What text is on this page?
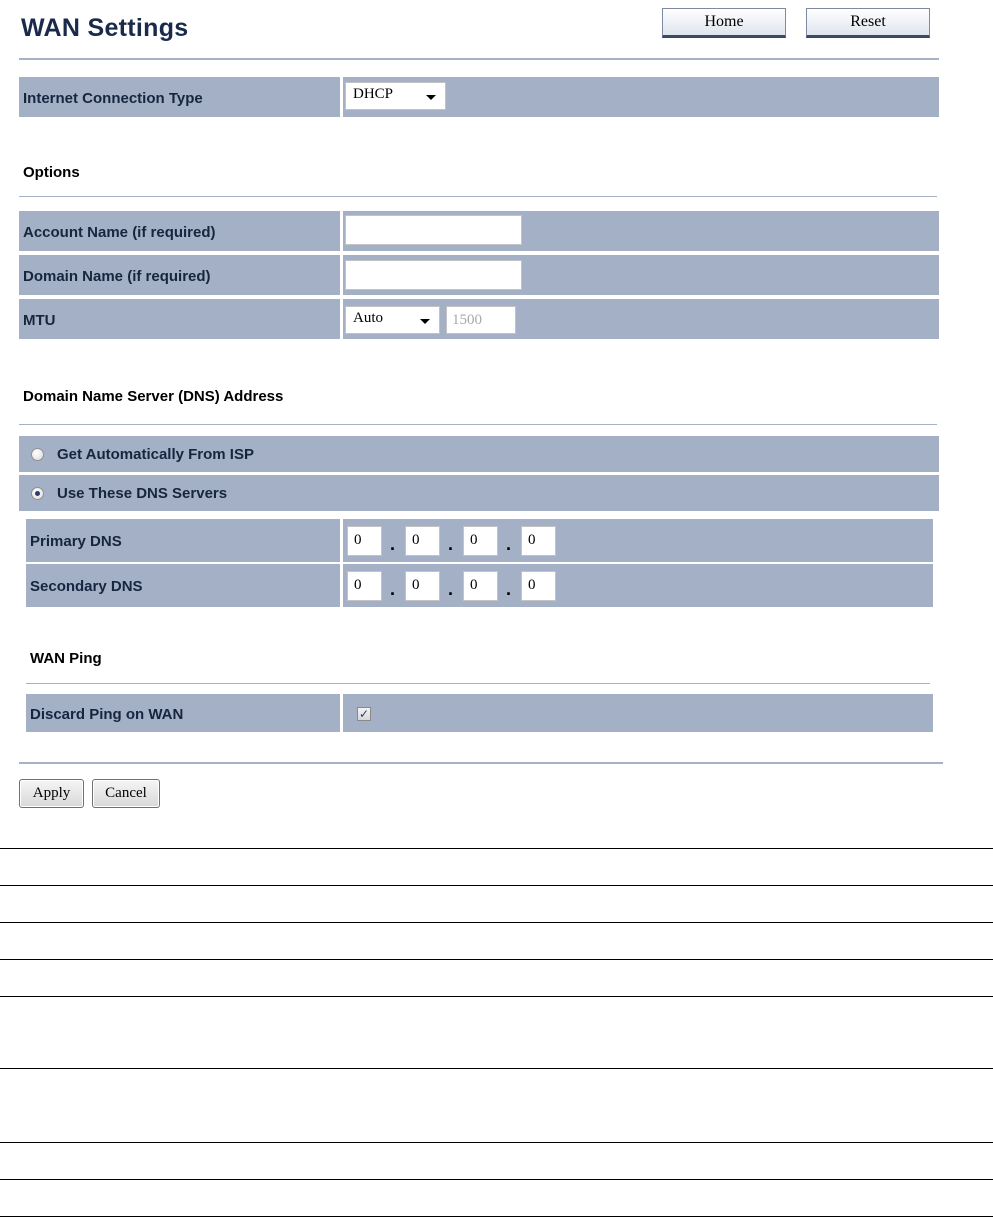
WAN Settings	Home	Reset
Internet Connection Type	DHCP
Options
Account Name (if required)
Domain Name (if required)
MTU	Auto	1500
Domain Name Server (DNS) Address
Get Automatically From ISP
Use These DNS Servers
Primary DNS	0	.	0	.	0	.	0
Secondary DNS	0	.	0	.	0	.	0
WAN Ping
Discard Ping on WAN	✓
Apply	Cancel
